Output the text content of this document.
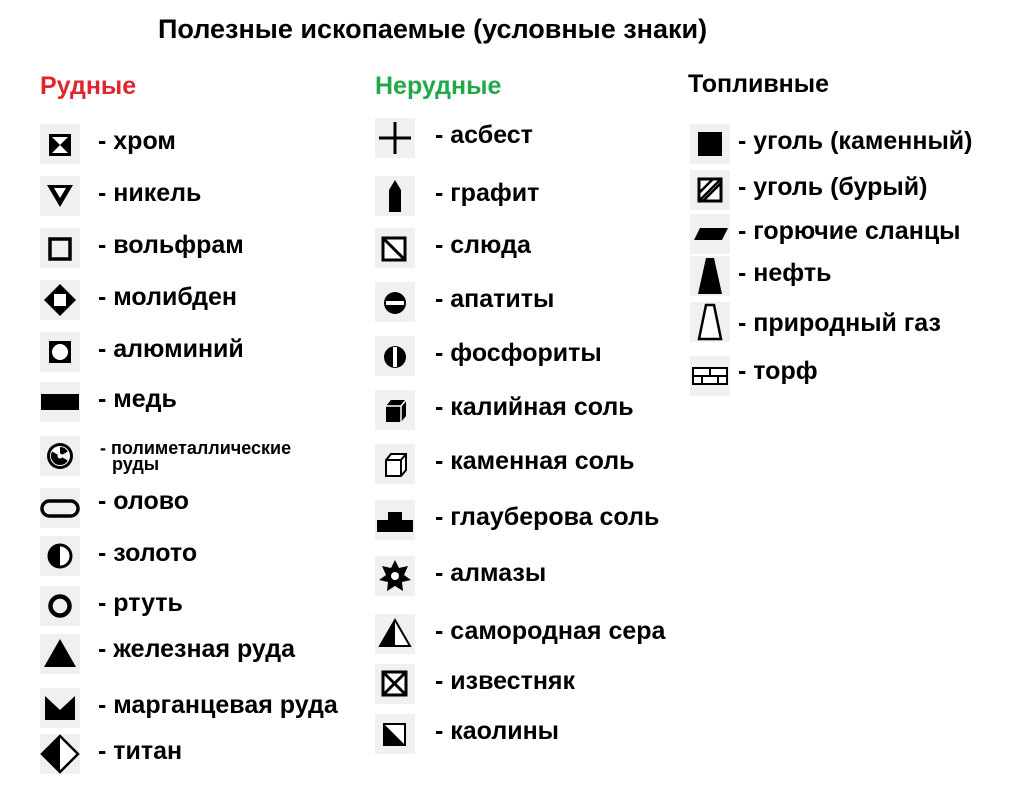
Полезные ископаемые (условные знаки)
Рудные	Нерудные	Топливные
- хром
- никель
- вольфрам
- молибден
- алюминий
- медь
- полиметаллические
руды
- олово
- золото
- ртуть
- железная руда
- марганцевая руда
- титан
- асбест
- графит
- слюда
- апатиты
- фосфориты
- калийная соль
- каменная соль
- глауберова соль
- алмазы
- самородная сера
- известняк
- каолины
- уголь (каменный)
- уголь (бурый)
- горючие сланцы
- нефть
- природный газ
- торф
